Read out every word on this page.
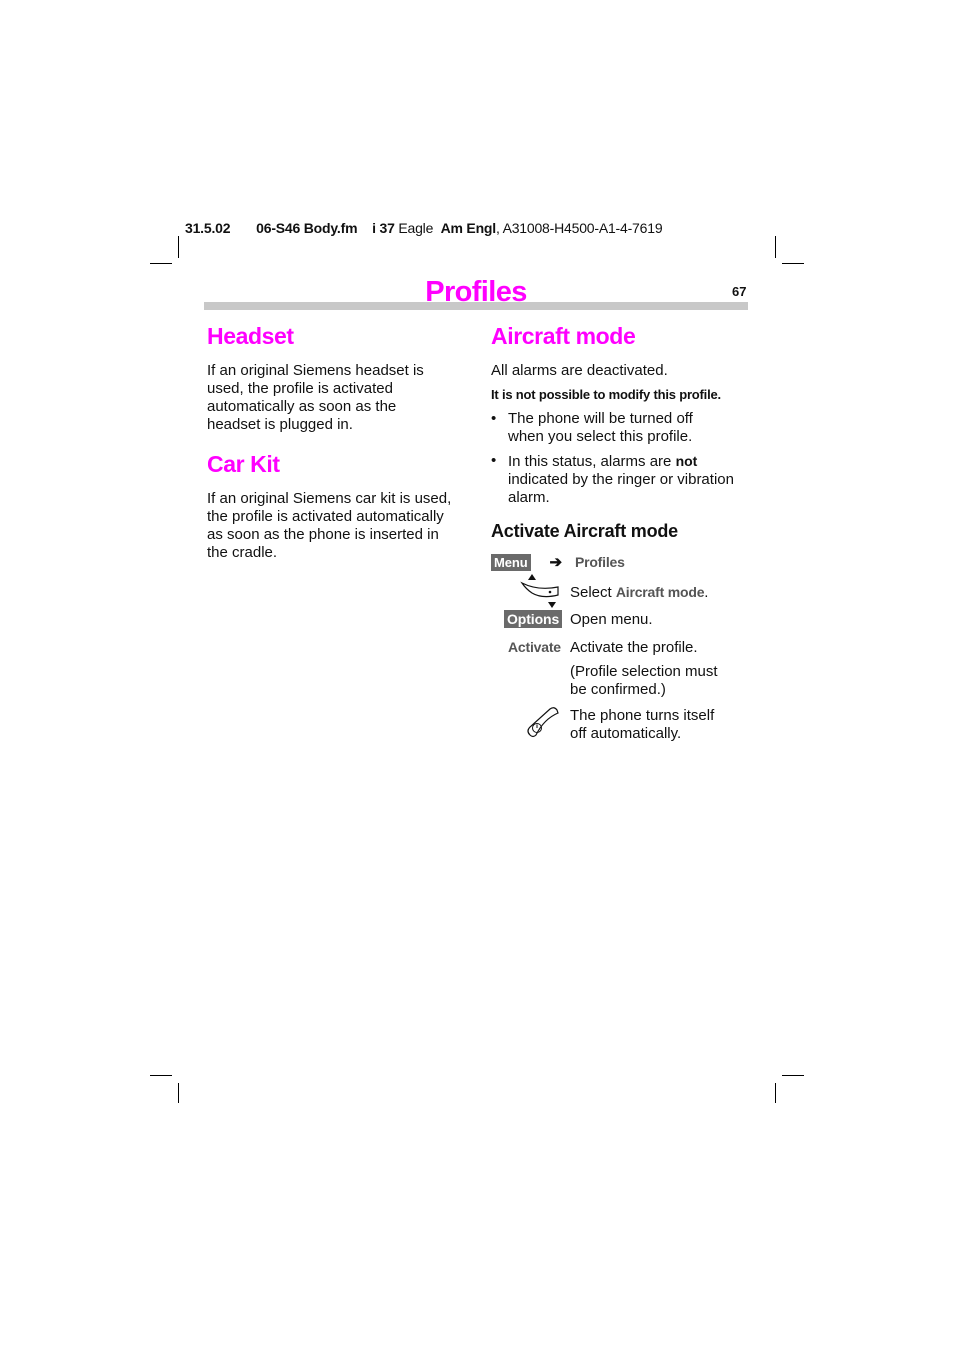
31.5.02 06-S46 Body.fm i 37 Eagle Am Engl, A31008-H4500-A1-4-7619
Profiles	67
Headset
If an original Siemens headset is
used, the profile is activated
automatically as soon as the
headset is plugged in.
Car Kit
If an original Siemens car kit is used,
the profile is activated automatically
as soon as the phone is inserted in
the cradle.
Aircraft mode
All alarms are deactivated.
It is not possible to modify this profile.
• The phone will be turned off
when you select this profile.
• In this status, alarms are not
indicated by the ringer or vibration
alarm.
Activate Aircraft mode
Menu ➔ Profiles
Select Aircraft mode.
Options Open menu.
Activate Activate the profile.
(Profile selection must
be confirmed.)
The phone turns itself
off automatically.
